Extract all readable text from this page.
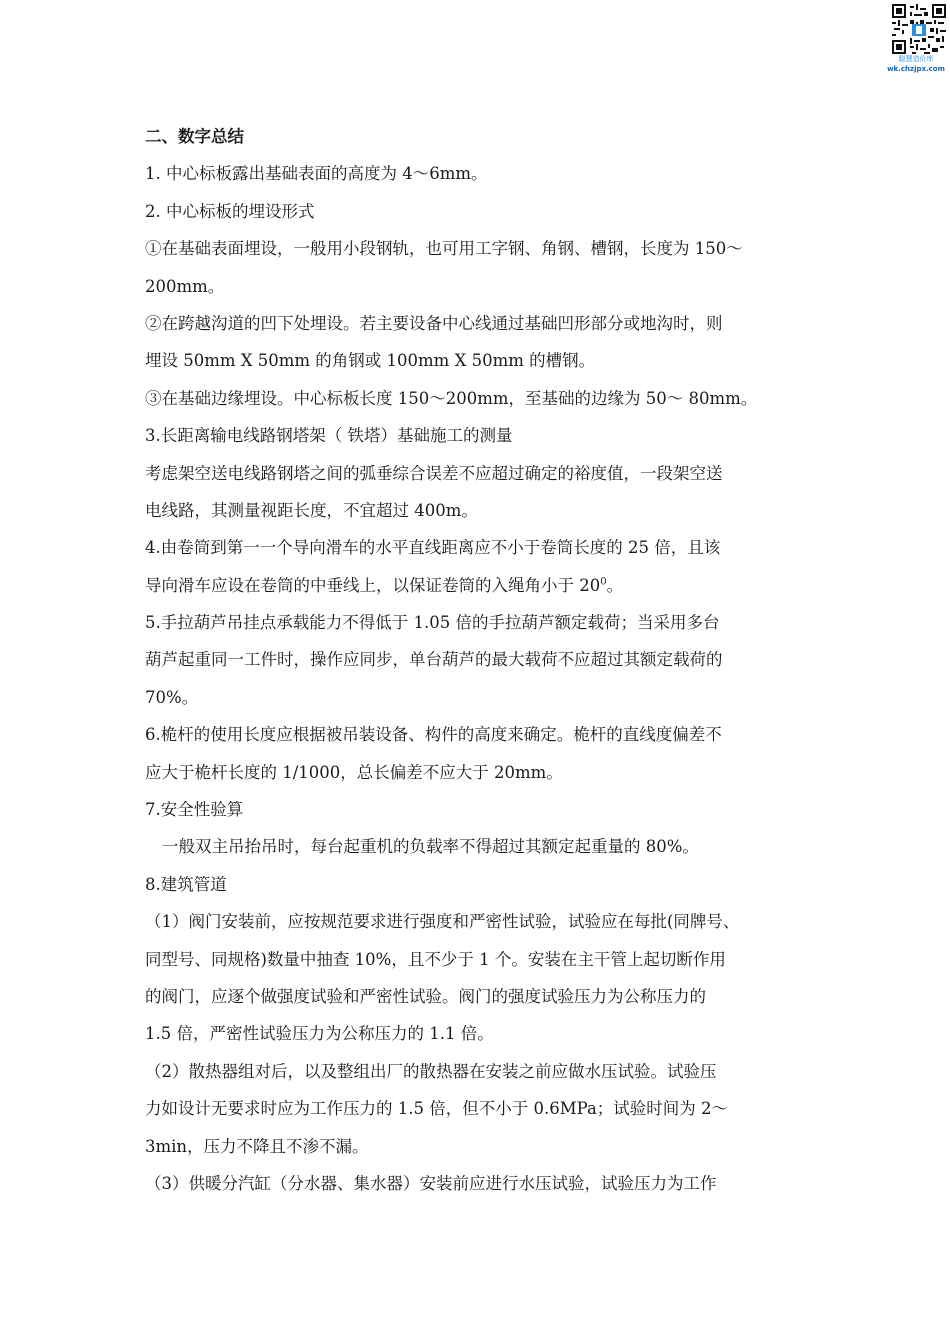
聪慧造价库
wk.chzjpx.com
二、数字总结
1. 中心标板露出基础表面的高度为 4～6mm。
2. 中心标板的埋设形式
①在基础表面埋设，一般用小段钢轨，也可用工字钢、角钢、槽钢，长度为 150～
200mm。
②在跨越沟道的凹下处埋设。若主要设备中心线通过基础凹形部分或地沟时，则
埋设 50mm X 50mm 的角钢或 100mm X 50mm 的槽钢。
③在基础边缘埋设。中心标板长度 150～200mm，至基础的边缘为 50～ 80mm。
3.长距离输电线路钢塔架（ 铁塔）基础施工的测量
考虑架空送电线路钢塔之间的弧垂综合误差不应超过确定的裕度值，一段架空送
电线路，其测量视距长度，不宜超过 400m。
4.由卷筒到第一一个导向滑车的水平直线距离应不小于卷筒长度的 25 倍，且该
导向滑车应设在卷筒的中垂线上，以保证卷筒的入绳角小于 $20^0$。
5.手拉葫芦吊挂点承载能力不得低于 1.05 倍的手拉葫芦额定载荷；当采用多台
葫芦起重同一工件时，操作应同步，单台葫芦的最大载荷不应超过其额定载荷的
70%。
6.桅杆的使用长度应根据被吊装设备、构件的高度来确定。桅杆的直线度偏差不
应大于桅杆长度的 1/1000，总长偏差不应大于 20mm。
7.安全性验算
一般双主吊抬吊时，每台起重机的负载率不得超过其额定起重量的 80%。
8.建筑管道
（1）阀门安装前，应按规范要求进行强度和严密性试验，试验应在每批(同牌号、
同型号、同规格)数量中抽查 10%，且不少于 1 个。安装在主干管上起切断作用
的阀门，应逐个做强度试验和严密性试验。阀门的强度试验压力为公称压力的
1.5 倍，严密性试验压力为公称压力的 1.1 倍。
（2）散热器组对后，以及整组出厂的散热器在安装之前应做水压试验。试验压
力如设计无要求时应为工作压力的 1.5 倍，但不小于 0.6MPa；试验时间为 2～
3min，压力不降且不渗不漏。
（3）供暖分汽缸（分水器、集水器）安装前应进行水压试验，试验压力为工作
